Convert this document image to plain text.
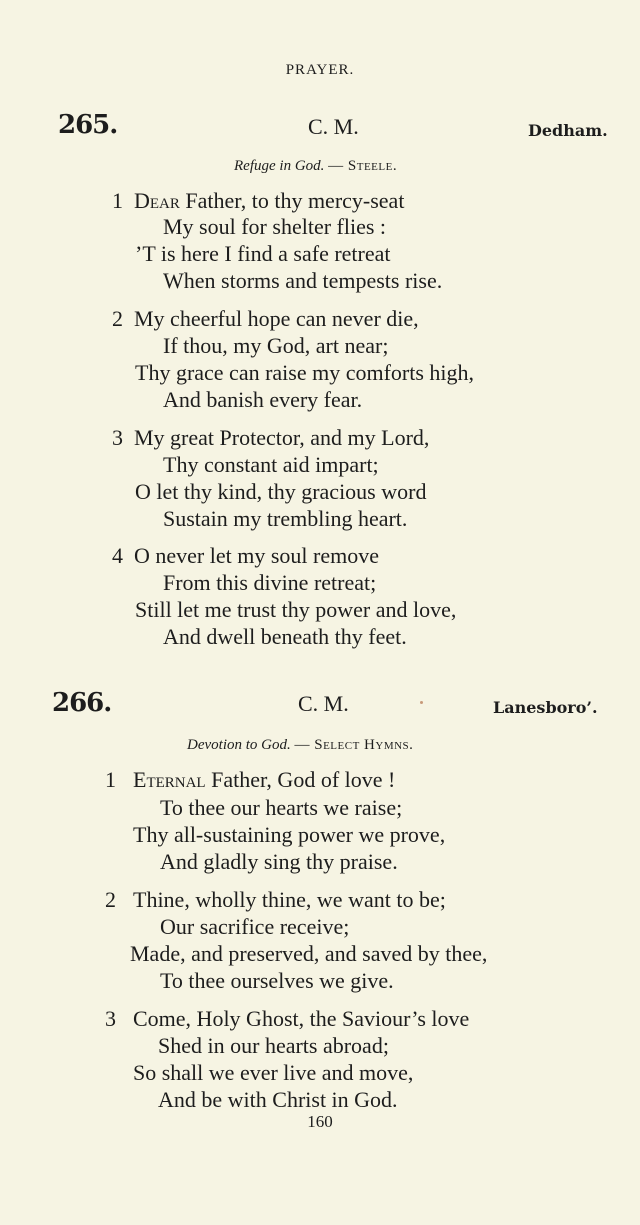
PRAYER.
265.	C. M.	Dedham.
Refuge in God. — Steele.
1 Dear Father, to thy mercy-seat
My soul for shelter flies :
’T is here I find a safe retreat
When storms and tempests rise.
2 My cheerful hope can never die,
If thou, my God, art near;
Thy grace can raise my comforts high,
And banish every fear.
3 My great Protector, and my Lord,
Thy constant aid impart;
O let thy kind, thy gracious word
Sustain my trembling heart.
4 O never let my soul remove
From this divine retreat;
Still let me trust thy power and love,
And dwell beneath thy feet.
266.	C. M.	Lanesboro’.
Devotion to God. — Select Hymns.
1 Eternal Father, God of love !
To thee our hearts we raise;
Thy all-sustaining power we prove,
And gladly sing thy praise.
2 Thine, wholly thine, we want to be;
Our sacrifice receive;
Made, and preserved, and saved by thee,
To thee ourselves we give.
3 Come, Holy Ghost, the Saviour’s love
Shed in our hearts abroad;
So shall we ever live and move,
And be with Christ in God.
160
